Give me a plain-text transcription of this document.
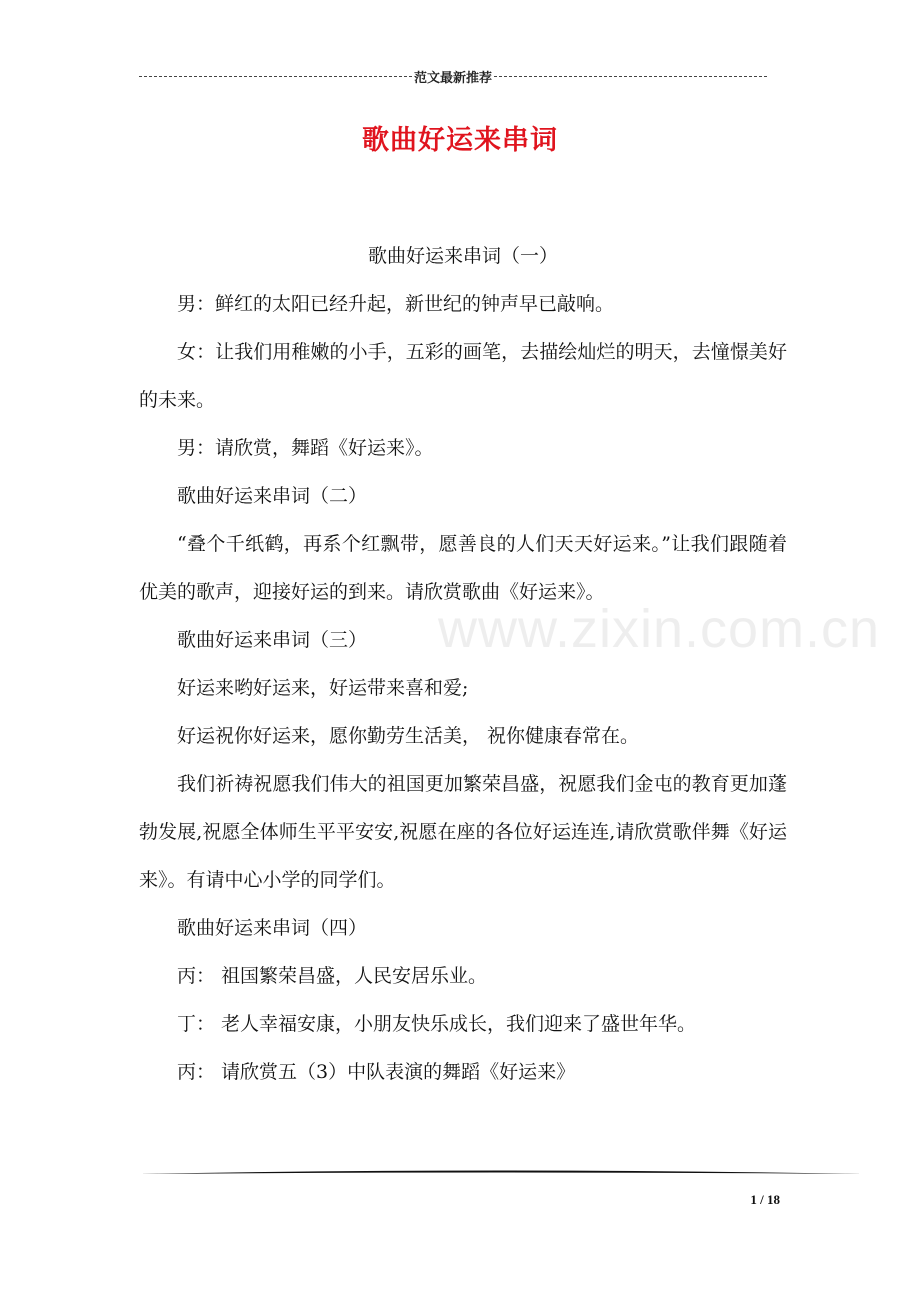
范文最新推荐
歌曲好运来串词

歌曲好运来串词（一）

男：鲜红的太阳已经升起，新世纪的钟声早已敲响。

女：让我们用稚嫩的小手，五彩的画笔，去描绘灿烂的明天，去憧憬美好的未来。

男：请欣赏，舞蹈《好运来》。

歌曲好运来串词（二）

“叠个千纸鹤，再系个红飘带，愿善良的人们天天好运来。”让我们跟随着优美的歌声，迎接好运的到来。请欣赏歌曲《好运来》。

歌曲好运来串词（三）

好运来哟好运来，好运带来喜和爱;

好运祝你好运来，愿你勤劳生活美， 祝你健康春常在。

我们祈祷祝愿我们伟大的祖国更加繁荣昌盛，祝愿我们金屯的教育更加蓬勃发展,祝愿全体师生平平安安,祝愿在座的各位好运连连,请欣赏歌伴舞《好运来》。有请中心小学的同学们。

歌曲好运来串词（四）

丙： 祖国繁荣昌盛，人民安居乐业。

丁： 老人幸福安康，小朋友快乐成长，我们迎来了盛世年华。

丙： 请欣赏五（3）中队表演的舞蹈《好运来》

www.zixin.com.cn
1 / 18
